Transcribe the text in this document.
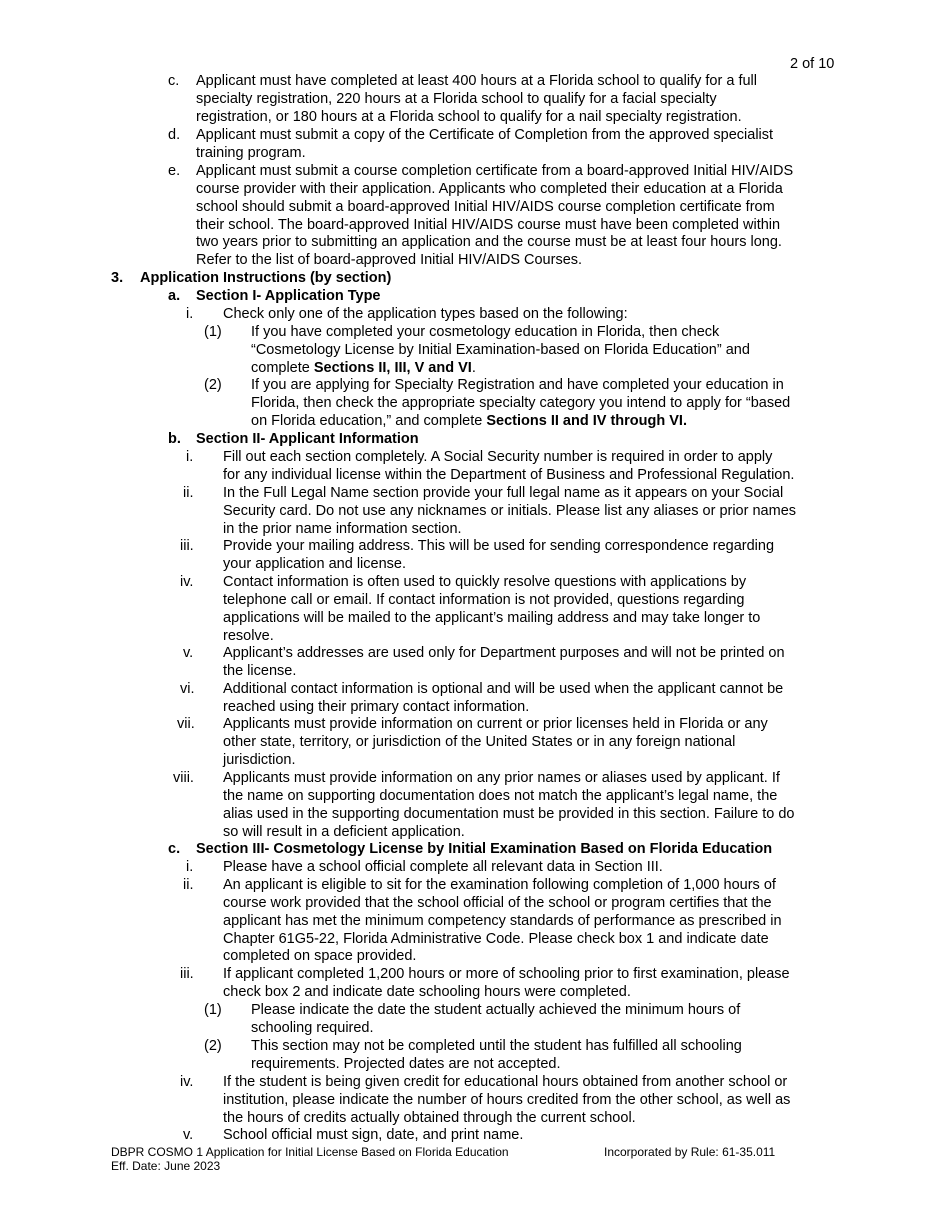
2 of 10
c. Applicant must have completed at least 400 hours at a Florida school to qualify for a full
specialty registration, 220 hours at a Florida school to qualify for a facial specialty
registration, or 180 hours at a Florida school to qualify for a nail specialty registration.
d. Applicant must submit a copy of the Certificate of Completion from the approved specialist
training program.
e. Applicant must submit a course completion certificate from a board-approved Initial HIV/AIDS
course provider with their application. Applicants who completed their education at a Florida
school should submit a board-approved Initial HIV/AIDS course completion certificate from
their school. The board-approved Initial HIV/AIDS course must have been completed within
two years prior to submitting an application and the course must be at least four hours long.
Refer to the list of board-approved Initial HIV/AIDS Courses.
3. Application Instructions (by section)
a. Section I- Application Type
i. Check only one of the application types based on the following:
(1) If you have completed your cosmetology education in Florida, then check
“Cosmetology License by Initial Examination-based on Florida Education” and
complete Sections II, III, V and VI.
(2) If you are applying for Specialty Registration and have completed your education in
Florida, then check the appropriate specialty category you intend to apply for “based
on Florida education,” and complete Sections II and IV through VI.
b. Section II- Applicant Information
i. Fill out each section completely. A Social Security number is required in order to apply
for any individual license within the Department of Business and Professional Regulation.
ii. In the Full Legal Name section provide your full legal name as it appears on your Social
Security card. Do not use any nicknames or initials. Please list any aliases or prior names
in the prior name information section.
iii. Provide your mailing address. This will be used for sending correspondence regarding
your application and license.
iv. Contact information is often used to quickly resolve questions with applications by
telephone call or email. If contact information is not provided, questions regarding
applications will be mailed to the applicant’s mailing address and may take longer to
resolve.
v. Applicant’s addresses are used only for Department purposes and will not be printed on
the license.
vi. Additional contact information is optional and will be used when the applicant cannot be
reached using their primary contact information.
vii. Applicants must provide information on current or prior licenses held in Florida or any
other state, territory, or jurisdiction of the United States or in any foreign national
jurisdiction.
viii. Applicants must provide information on any prior names or aliases used by applicant. If
the name on supporting documentation does not match the applicant’s legal name, the
alias used in the supporting documentation must be provided in this section. Failure to do
so will result in a deficient application.
c. Section III- Cosmetology License by Initial Examination Based on Florida Education
i. Please have a school official complete all relevant data in Section III.
ii. An applicant is eligible to sit for the examination following completion of 1,000 hours of
course work provided that the school official of the school or program certifies that the
applicant has met the minimum competency standards of performance as prescribed in
Chapter 61G5-22, Florida Administrative Code. Please check box 1 and indicate date
completed on space provided.
iii. If applicant completed 1,200 hours or more of schooling prior to first examination, please
check box 2 and indicate date schooling hours were completed.
(1) Please indicate the date the student actually achieved the minimum hours of
schooling required.
(2) This section may not be completed until the student has fulfilled all schooling
requirements. Projected dates are not accepted.
iv. If the student is being given credit for educational hours obtained from another school or
institution, please indicate the number of hours credited from the other school, as well as
the hours of credits actually obtained through the current school.
v. School official must sign, date, and print name.
DBPR COSMO 1 Application for Initial License Based on Florida Education	Incorporated by Rule: 61-35.011
Eff. Date: June 2023
